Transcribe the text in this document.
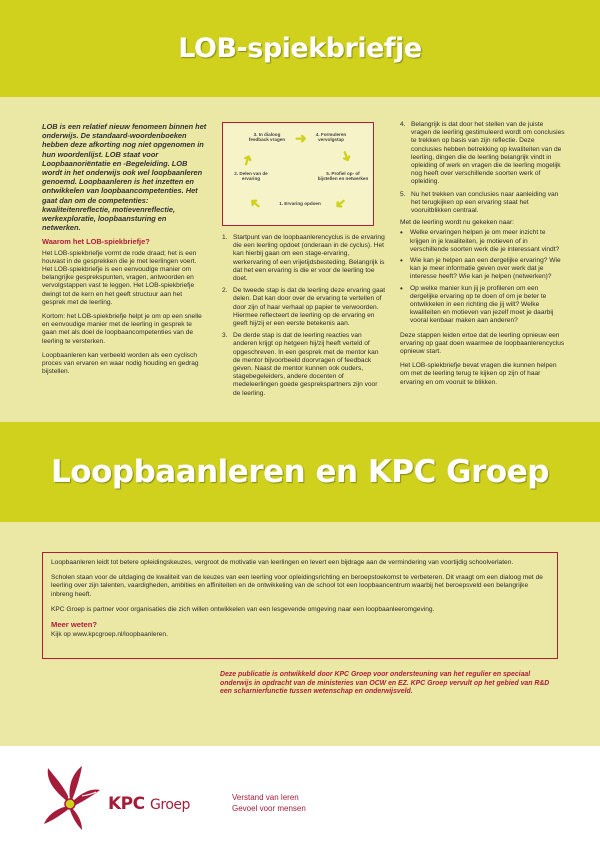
LOB-spiekbriefje
LOB is een relatief nieuw fenomeen binnen het onderwijs. De standaard-woordenboeken hebben deze afkorting nog niet opgenomen in hun woordenlijst. LOB staat voor Loopbaanoriëntatie en -Begeleiding. LOB wordt in het onderwijs ook wel loopbaanleren genoemd. Loopbaanleren is het inzetten en ontwikkelen van loopbaancompetenties. Het gaat dan om de competenties: kwaliteitenreflectie, motievenreflectie, werkexploratie, loopbaansturing en netwerken.
Waarom het LOB-spiekbriefje?
Het LOB-spiekbriefje vormt de rode draad; het is een houvast in de gesprekken die je met leerlingen voert. Het LOB-spiekbriefje is een eenvoudige manier om belangrijke gesprekspunten, vragen, antwoorden en vervolgstappen vast te leggen. Het LOB-spiekbriefje dwingt tot de kern en het geeft structuur aan het gesprek met de leerling.
Kortom: het LOB-spiekbriefje helpt je om op een snelle en eenvoudige manier met de leerling in gesprek te gaan met als doel de loopbaancompetenties van de leerling te versterken.
Loopbaanleren kan verbeeld worden als een cyclisch proces van ervaren en waar nodig houding en gedrag bijstellen.
1. Ervaring opdoen
2. Delen van de ervaring
3. In dialoog feedback vragen
4. Formuleren vervolgstap
5. Profiel op- of bijstellen en netwerken
➜
➜
➜
➜
➜
1. Startpunt van de loopbaanlerencyclus is de ervaring die een leerling opdoet (onderaan in de cyclus). Het kan hierbij gaan om een stage-ervaring, werkervaring of een vrijetijdsbesteding. Belangrijk is dat het een ervaring is die er voor de leerling toe doet.
2. De tweede stap is dat de leerling deze ervaring gaat delen. Dat kan door over de ervaring te vertellen of door zijn of haar verhaal op papier te verwoorden. Hiermee reflecteert de leerling op de ervaring en geeft hij/zij er een eerste betekenis aan.
3. De derde stap is dat de leerling reacties van anderen krijgt op hetgeen hij/zij heeft verteld of opgeschreven. In een gesprek met de mentor kan de mentor bijvoorbeeld doorvragen of feedback geven. Naast de mentor kunnen ook ouders, stagebegeleiders, andere docenten of medeleerlingen goede gesprekspartners zijn voor de leerling.
4. Belangrijk is dat door het stellen van de juiste vragen de leerling gestimuleerd wordt om conclusies te trekken op basis van zijn reflectie. Deze conclusies hebben betrekking op kwaliteiten van de leerling, dingen die de leerling belangrijk vindt in opleiding of werk en vragen die de leerling mogelijk nog heeft over verschillende soorten werk of opleiding.
5. Nu het trekken van conclusies naar aanleiding van het terugkijken op een ervaring staat het vooruitblikken centraal.
Met de leerling wordt nu gekeken naar:
• Welke ervaringen helpen je om meer inzicht te krijgen in je kwaliteiten, je motieven of in verschillende soorten werk die je interessant vindt?
• Wie kan je helpen aan een dergelijke ervaring? Wie kan je meer informatie geven over werk dat je interesse heeft? Wie kan je helpen (netwerken)?
• Op welke manier kun jij je profileren om een dergelijke ervaring op te doen of om je beter te ontwikkelen in een richting die jij wilt? Welke kwaliteiten en motieven van jezelf moet je daarbij vooral kenbaar maken aan anderen?
Deze stappen leiden ertoe dat de leerling opnieuw een ervaring op gaat doen waarmee de loopbaanlerencyclus opnieuw start.
Het LOB-spiekbriefje bevat vragen die kunnen helpen om met de leerling terug te kijken op zijn of haar ervaring en om vooruit te blikken.
Loopbaanleren en KPC Groep
Loopbaanleren leidt tot betere opleidingskeuzes, vergroot de motivatie van leerlingen en levert een bijdrage aan de vermindering van voortijdig schoolverlaten.
Scholen staan voor de uitdaging de kwaliteit van de keuzes van een leerling voor opleidingsrichting en beroepstoekomst te verbeteren. Dit vraagt om een dialoog met de leerling over zijn talenten, vaardigheden, ambities en affiniteiten en de ontwikkeling van de school tot een loopbaancentrum waarbij het beroepsveld een belangrijke inbreng heeft.
KPC Groep is partner voor organisaties die zich willen ontwikkelen van een lesgevende omgeving naar een loopbaanleeromgeving.
Meer weten?
Kijk op www.kpcgroep.nl/loopbaanleren.
Deze publicatie is ontwikkeld door KPC Groep voor ondersteuning van het regulier en speciaal onderwijs in opdracht van de ministeries van OCW en EZ. KPC Groep vervult op het gebied van R&D een scharnierfunctie tussen wetenschap en onderwijsveld.
KPC Groep	Verstand van leren
Gevoel voor mensen
